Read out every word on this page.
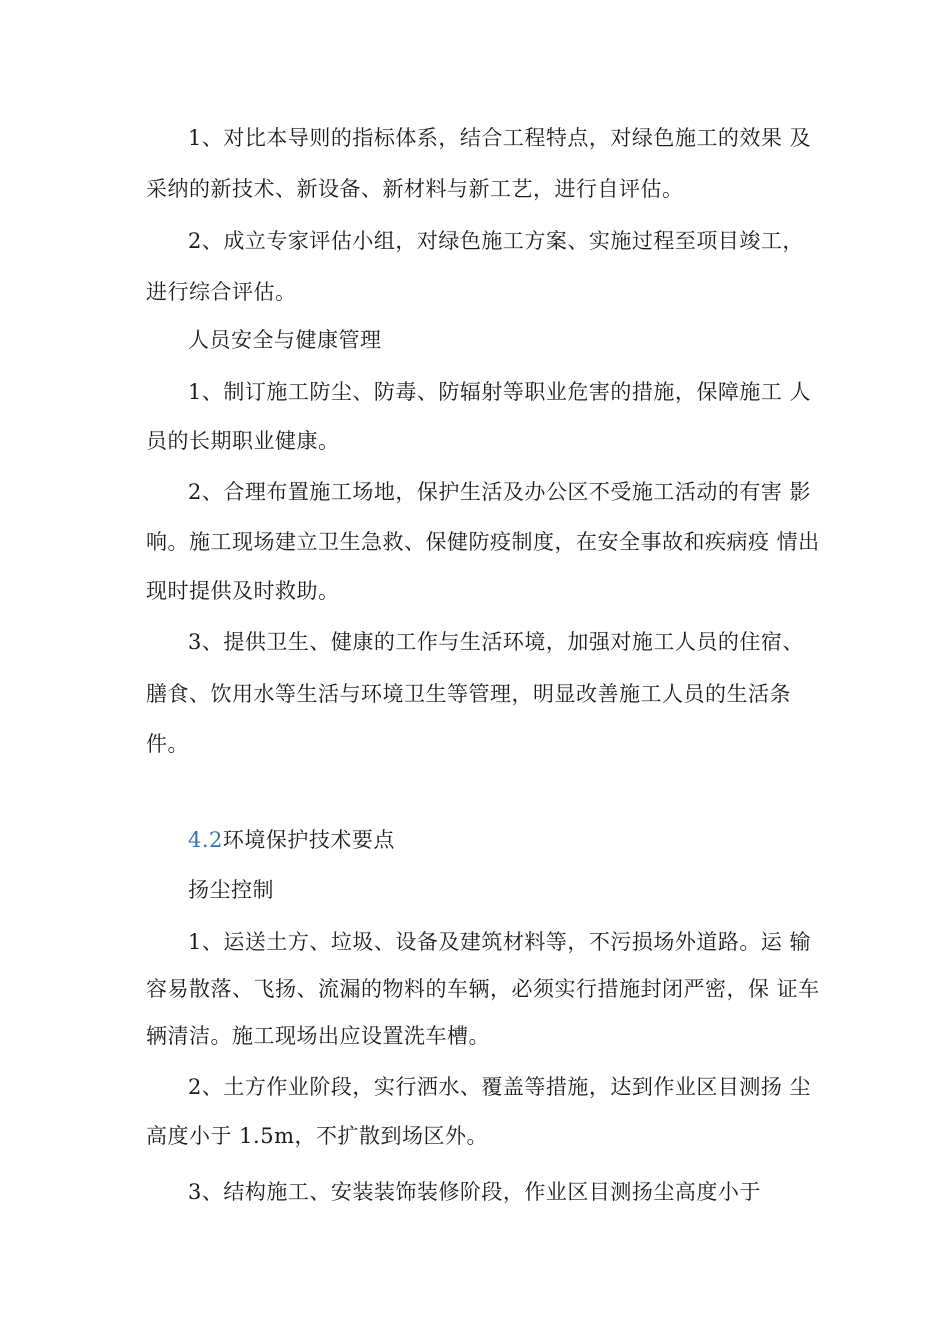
1、对比本导则的指标体系，结合工程特点，对绿色施工的效果 及
采纳的新技术、新设备、新材料与新工艺，进行自评估。
2、成立专家评估小组，对绿色施工方案、实施过程至项目竣工，
进行综合评估。
人员安全与健康管理
1、制订施工防尘、防毒、防辐射等职业危害的措施，保障施工 人
员的长期职业健康。
2、合理布置施工场地，保护生活及办公区不受施工活动的有害 影
响。施工现场建立卫生急救、保健防疫制度，在安全事故和疾病疫 情出
现时提供及时救助。
3、提供卫生、健康的工作与生活环境，加强对施工人员的住宿、
膳食、饮用水等生活与环境卫生等管理，明显改善施工人员的生活条
件。
4.2环境保护技术要点
扬尘控制
1、运送土方、垃圾、设备及建筑材料等，不污损场外道路。运 输
容易散落、飞扬、流漏的物料的车辆，必须实行措施封闭严密，保 证车
辆清洁。施工现场出应设置洗车槽。
2、土方作业阶段，实行洒水、覆盖等措施，达到作业区目测扬 尘
高度小于 1.5m，不扩散到场区外。
3、结构施工、安装装饰装修阶段，作业区目测扬尘高度小于
